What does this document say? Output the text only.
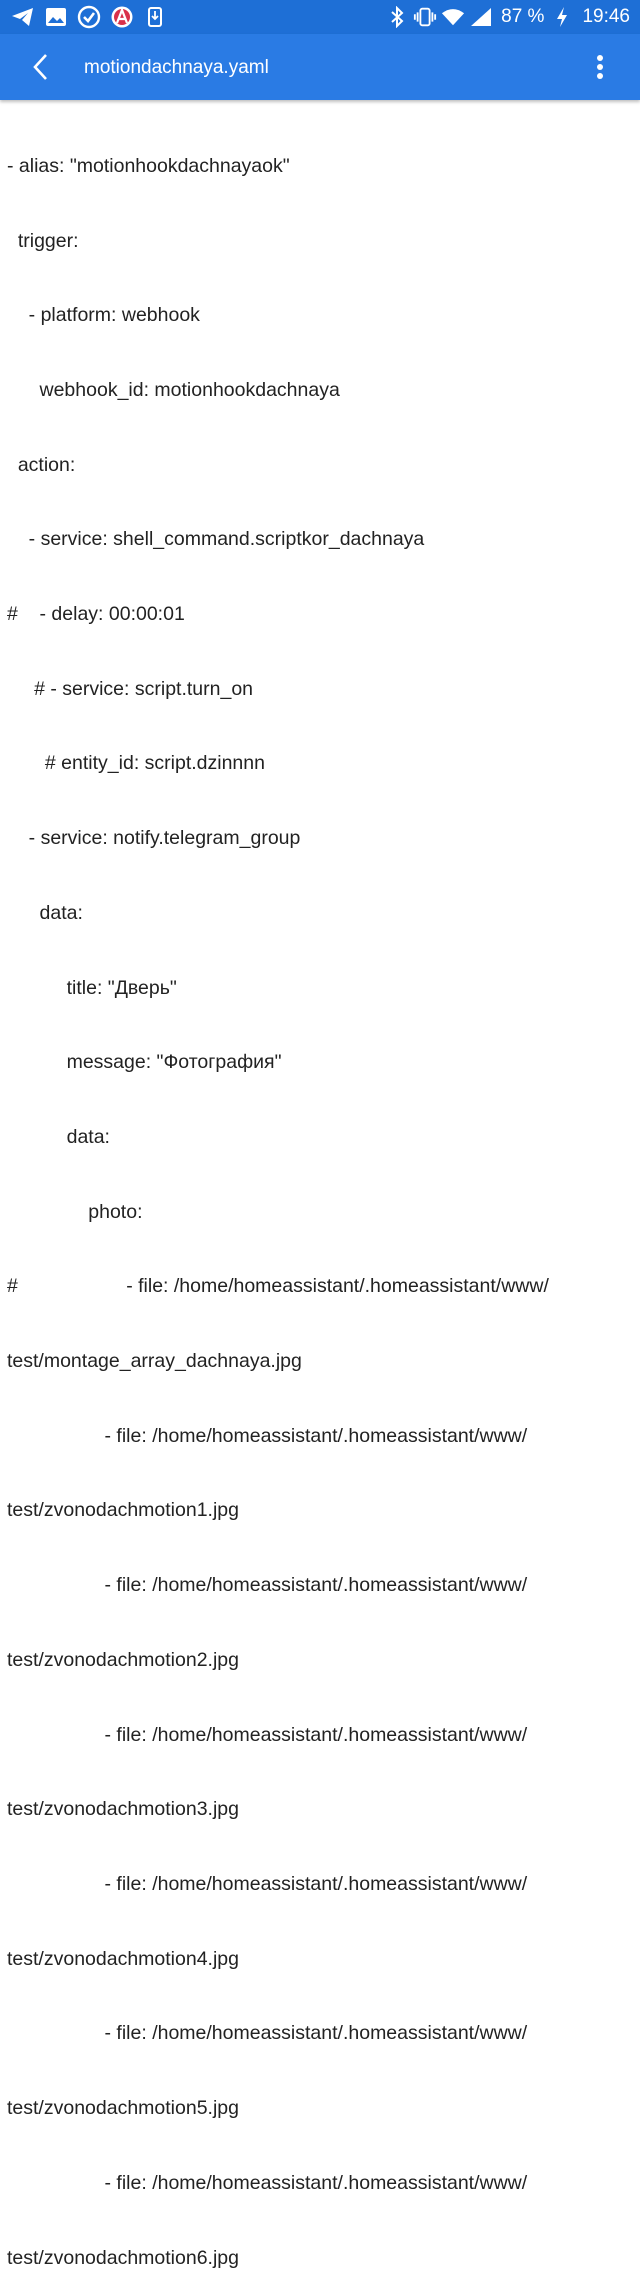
87 % 19:46
motiondachnaya.yaml

- alias: "motionhookdachnayaok"

trigger:

- platform: webhook

webhook_id: motionhookdachnaya

action:

- service: shell_command.scriptkor_dachnaya

#    - delay: 00:00:01

# - service: script.turn_on

# entity_id: script.dzinnnn

- service: notify.telegram_group

data:

title: "Дверь"

message: "Фотография"

data:

photo:

#                    - file: /home/homeassistant/.homeassistant/www/

test/montage_array_dachnaya.jpg

- file: /home/homeassistant/.homeassistant/www/

test/zvonodachmotion1.jpg

- file: /home/homeassistant/.homeassistant/www/

test/zvonodachmotion2.jpg

- file: /home/homeassistant/.homeassistant/www/

test/zvonodachmotion3.jpg

- file: /home/homeassistant/.homeassistant/www/

test/zvonodachmotion4.jpg

- file: /home/homeassistant/.homeassistant/www/

test/zvonodachmotion5.jpg

- file: /home/homeassistant/.homeassistant/www/

test/zvonodachmotion6.jpg
